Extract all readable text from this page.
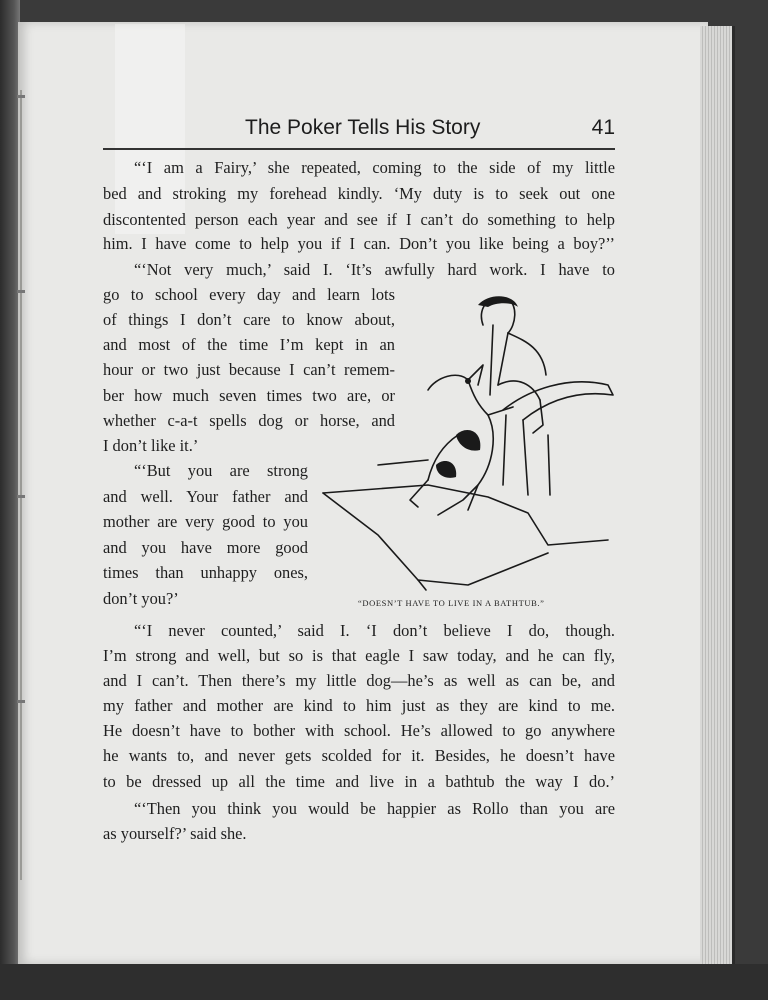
The Poker Tells His Story	41
“‘I am a Fairy,’ she repeated, coming to the side of my little
bed and stroking my forehead kindly. ‘My duty is to seek out one
discontented person each year and see if I can’t do something to help
him. I have come to help you if I can. Don’t you like being a boy?’’
“‘Not very much,’ said I. ‘It’s awfully hard work. I have to
go to school every day and learn lots
of things I don’t care to know about,
and most of the time I’m kept in an
hour or two just because I can’t remem-
ber how much seven times two are, or
whether c-a-t spells dog or horse, and
I don’t like it.’
“‘But you are strong
and well. Your father and
mother are very good to you
and you have more good
times than unhappy ones,
don’t you?’
“‘I never counted,’ said I. ‘I don’t believe I do, though.
I’m strong and well, but so is that eagle I saw today, and he can fly,
and I can’t. Then there’s my little dog—he’s as well as can be, and
my father and mother are kind to him just as they are kind to me.
He doesn’t have to bother with school. He’s allowed to go anywhere
he wants to, and never gets scolded for it. Besides, he doesn’t have
to be dressed up all the time and live in a bathtub the way I do.’
“‘Then you think you would be happier as Rollo than you are
as yourself?’ said she.
“DOESN’T HAVE TO LIVE IN A BATHTUB.”
